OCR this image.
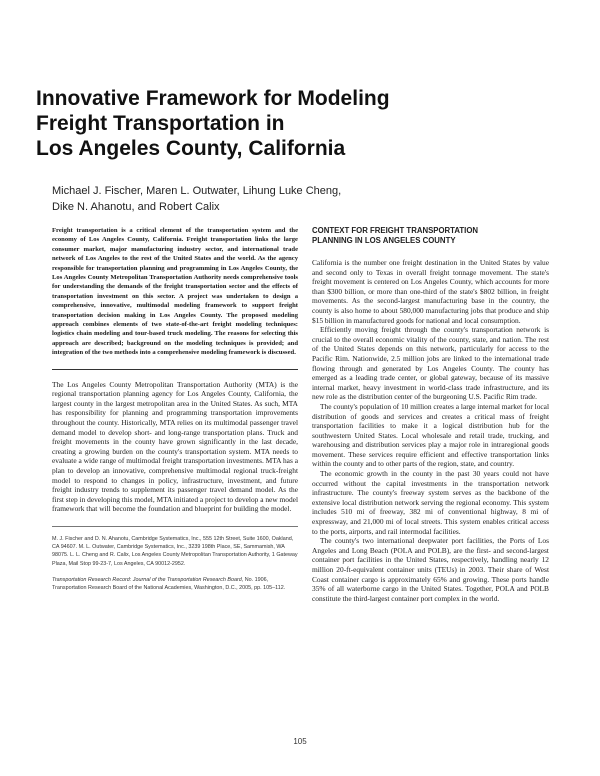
Innovative Framework for Modeling
Freight Transportation in
Los Angeles County, California
Michael J. Fischer, Maren L. Outwater, Lihung Luke Cheng,
Dike N. Ahanotu, and Robert Calix

Freight transportation is a critical element of the transportation system and the economy of Los Angeles County, California. Freight transportation links the large consumer market, major manufacturing industry sector, and international trade network of Los Angeles to the rest of the United States and the world. As the agency responsible for transportation planning and programming in Los Angeles County, the Los Angeles County Metropolitan Transportation Authority needs comprehensive tools for understanding the demands of the freight transportation sector and the effects of transportation investment on this sector. A project was undertaken to design a comprehensive, innovative, multimodal modeling framework to support freight transportation decision making in Los Angeles County. The proposed modeling approach combines elements of two state-of-the-art freight modeling techniques: logistics chain modeling and tour-based truck modeling. The reasons for selecting this approach are described; background on the modeling techniques is provided; and integration of the two methods into a comprehensive modeling framework is discussed.

The Los Angeles County Metropolitan Transportation Authority (MTA) is the regional transportation planning agency for Los Angeles County, California, the largest county in the largest metropolitan area in the United States. As such, MTA has responsibility for planning and programming transportation improvements throughout the county. Historically, MTA relies on its multimodal passenger travel demand model to develop short- and long-range transportation plans. Truck and freight movements in the county have grown significantly in the last decade, creating a growing burden on the county's transportation system. MTA needs to evaluate a wide range of multimodal freight transportation investments. MTA has a plan to develop an innovative, comprehensive multimodal regional truck-freight model to respond to changes in policy, infrastructure, investment, and future freight industry trends to supplement its passenger travel demand model. As the first step in developing this model, MTA initiated a project to develop a new model framework that will become the foundation and blueprint for building the model.

M. J. Fischer and D. N. Ahanotu, Cambridge Systematics, Inc., 555 12th Street, Suite 1600, Oakland, CA 94607. M. L. Outwater, Cambridge Systematics, Inc., 3239 198th Place, SE, Sammamish, WA 98075. L. L. Cheng and R. Calix, Los Angeles County Metropolitan Transportation Authority, 1 Gateway Plaza, Mail Stop 99-23-7, Los Angeles, CA 90012-2952.

Transportation Research Record: Journal of the Transportation Research Board, No. 1906, Transportation Research Board of the National Academies, Washington, D.C., 2005, pp. 105–112.

CONTEXT FOR FREIGHT TRANSPORTATION
PLANNING IN LOS ANGELES COUNTY

California is the number one freight destination in the United States by value and second only to Texas in overall freight tonnage movement. The state's freight movement is centered on Los Angeles County, which accounts for more than $300 billion, or more than one-third of the state's $802 billion, in freight movements. As the second-largest manufacturing base in the country, the county is also home to about 580,000 manufacturing jobs that produce and ship $15 billion in manufactured goods for national and local consumption.

Efficiently moving freight through the county's transportation network is crucial to the overall economic vitality of the county, state, and nation. The rest of the United States depends on this network, particularly for access to the Pacific Rim. Nationwide, 2.5 million jobs are linked to the international trade flowing through and generated by Los Angeles County. The county has emerged as a leading trade center, or global gateway, because of its massive internal market, heavy investment in world-class trade infrastructure, and its new role as the distribution center of the burgeoning U.S. Pacific Rim trade.

The county's population of 10 million creates a large internal market for local distribution of goods and services and creates a critical mass of freight transportation facilities to make it a logical distribution hub for the southwestern United States. Local wholesale and retail trade, trucking, and warehousing and distribution services play a major role in intraregional goods movement. These services require efficient and effective transportation links within the county and to other parts of the region, state, and country.

The economic growth in the county in the past 30 years could not have occurred without the capital investments in the transportation network infrastructure. The county's freeway system serves as the backbone of the extensive local distribution network serving the regional economy. This system includes 510 mi of freeway, 382 mi of conventional highway, 8 mi of expressway, and 21,000 mi of local streets. This system enables critical access to the ports, airports, and rail intermodal facilities.

The county's two international deepwater port facilities, the Ports of Los Angeles and Long Beach (POLA and POLB), are the first- and second-largest container port facilities in the United States, respectively, handling nearly 12 million 20-ft-equivalent container units (TEUs) in 2003. Their share of West Coast container cargo is approximately 65% and growing. These ports handle 35% of all waterborne cargo in the United States. Together, POLA and POLB constitute the third-largest container port complex in the world.

105
